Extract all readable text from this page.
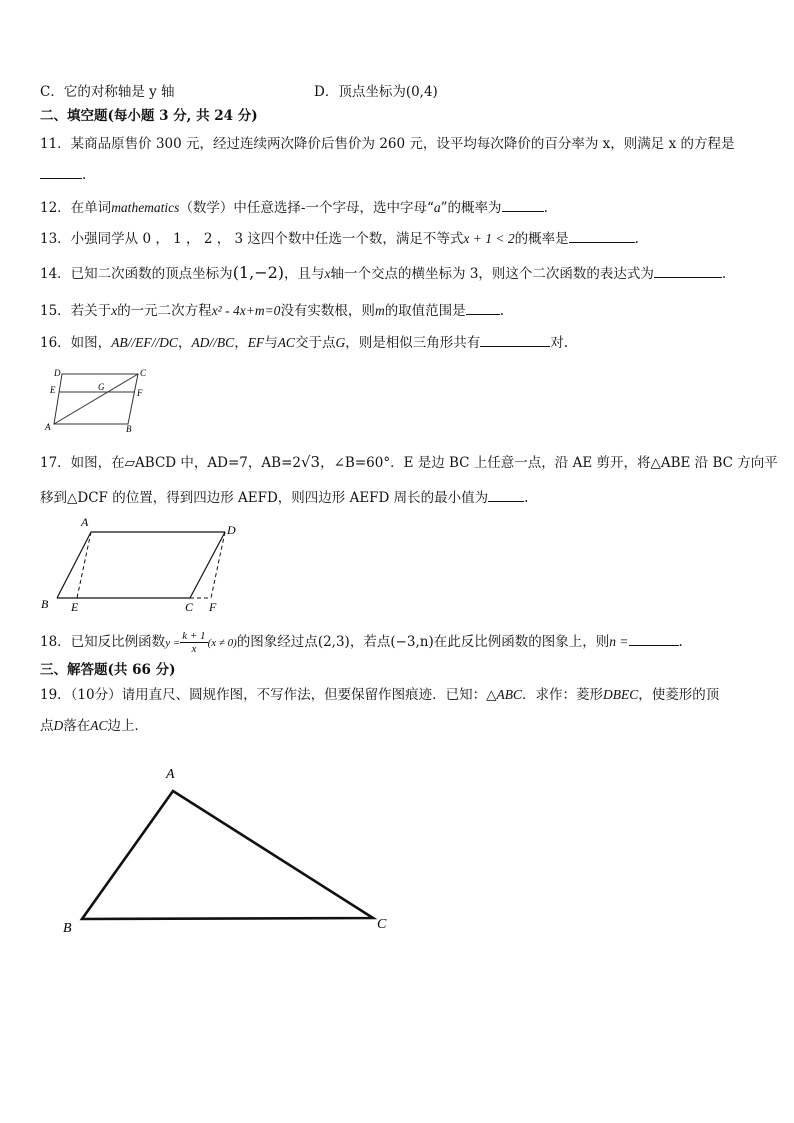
C．它的对称轴是 y 轴	D．顶点坐标为(0,4)
二、填空题(每小题 3 分, 共 24 分)
11．某商品原售价 300 元，经过连续两次降价后售价为 260 元，设平均每次降价的百分率为 x，则满足 x 的方程是
.
12．在单词mathematics（数学）中任意选择-一个字母，选中字母“a”的概率为	.
13．小强同学从 0 ， 1 ， 2 ， 3 这四个数中任选一个数，满足不等式x + 1 < 2的概率是	.
14．已知二次函数的顶点坐标为(1,−2)，且与x轴一个交点的横坐标为 3，则这个二次函数的表达式为	.
15．若关于x的一元二次方程x² - 4x+m=0没有实数根，则m的取值范围是	.
16．如图，AB//EF//DC，AD//BC，EF与AC交于点G，则是相似三角形共有	对.
A	B
C
D
E	F
G
17．如图，在▱ABCD 中，AD=7，AB=2√3，∠B=60°．E 是边 BC 上任意一点，沿 AE 剪开，将△ABE 沿 BC 方向平
移到△DCF 的位置，得到四边形 AEFD，则四边形 AEFD 周长的最小值为	.
A
D
B E	C F
18．已知反比例函数$y = \frac{k + 1}{x} (x \ne 0)$的图象经过点(2,3)，若点(−3,n)在此反比例函数的图象上，则n =	.
三、解答题(共 66 分)
19．（10分）请用直尺、圆规作图，不写作法，但要保留作图痕迹．已知：△ABC．求作：菱形DBEC，使菱形的顶
点D落在AC边上．
A
B	C
